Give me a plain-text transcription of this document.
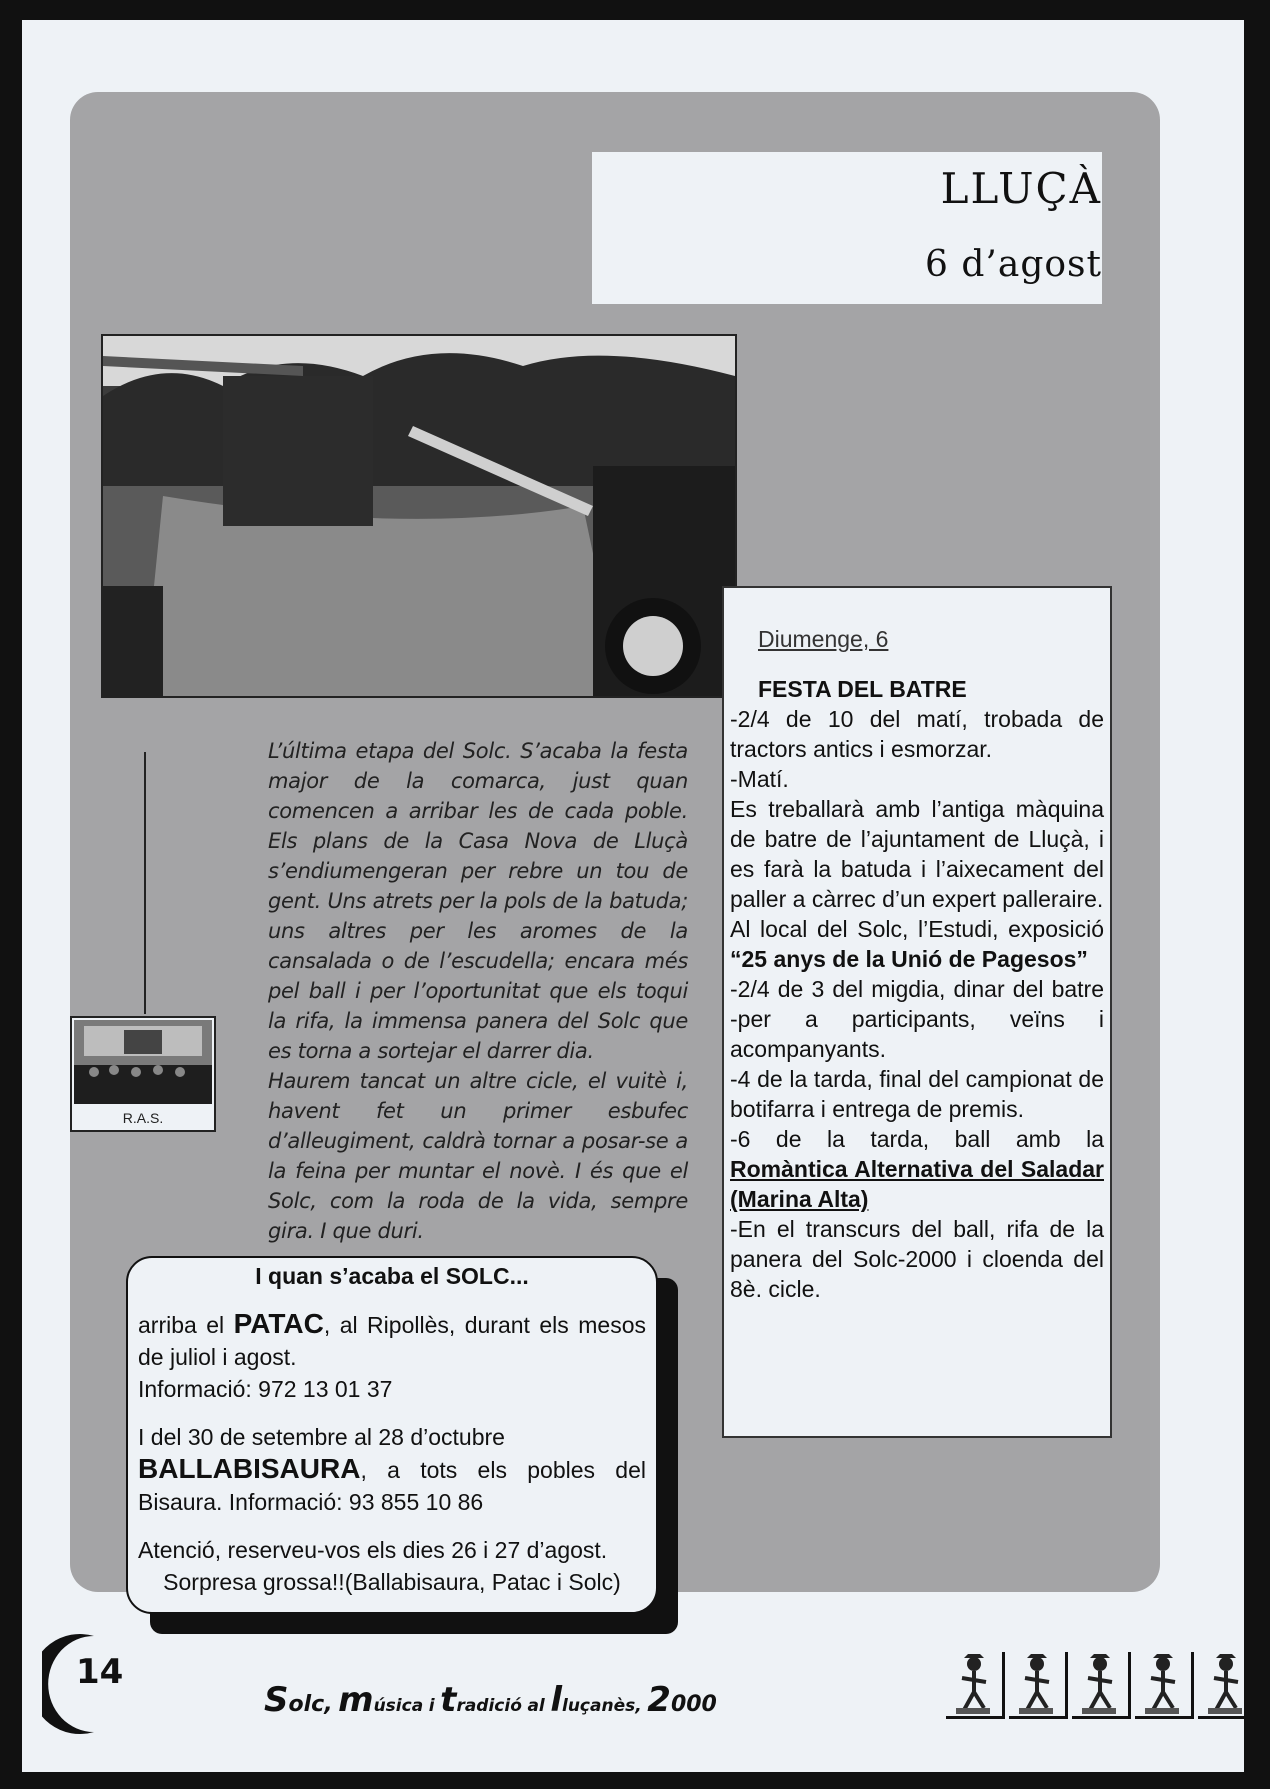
LLUÇÀ
6 d’agost
Diumenge, 6
FESTA DEL BATRE

-2/4 de 10 del matí, trobada de tractors antics i esmorzar.

-Matí.

Es treballarà amb l’antiga màquina de batre de l’ajuntament de Lluçà, i es farà la batuda i l’aixecament del paller a càrrec d’un expert palleraire.

Al local del Solc, l’Estudi, exposició “25 anys de la Unió de Pagesos”

-2/4 de 3 del migdia, dinar del batre -per a participants, veïns i acompanyants.

-4 de la tarda, final del campionat de botifarra i entrega de premis.

-6 de la tarda, ball amb la Romàntica Alternativa del Saladar (Marina Alta)

-En el transcurs del ball, rifa de la panera del Solc-2000 i cloenda del 8è. cicle.

R.A.S.

L’última etapa del Solc. S’acaba la festa major de la comarca, just quan comencen a arribar les de cada poble. Els plans de la Casa Nova de Lluçà s’endiumengeran per rebre un tou de gent. Uns atrets per la pols de la batuda; uns altres per les aromes de la cansalada o de l’escudella; encara més pel ball i per l’oportunitat que els toqui la rifa, la immensa panera del Solc que es torna a sortejar el darrer dia.

Haurem tancat un altre cicle, el vuitè i, havent fet un primer esbufec d’alleugiment, caldrà tornar a posar-se a la feina per muntar el novè. I és que el Solc, com la roda de la vida, sempre gira. I que duri.

I quan s’acaba el SOLC...

arriba el PATAC, al Ripollès, durant els mesos de juliol i agost.

Informació: 972 13 01 37

I del 30 de setembre al 28 d’octubre
BALLABISAURA, a tots els pobles del Bisaura. Informació: 93 855 10 86

Atenció, reserveu-vos els dies 26 i 27 d’agost.

Sorpresa grossa!!(Ballabisaura, Patac i Solc)

14
Solc, música i tradició al lluçanès, 2000
